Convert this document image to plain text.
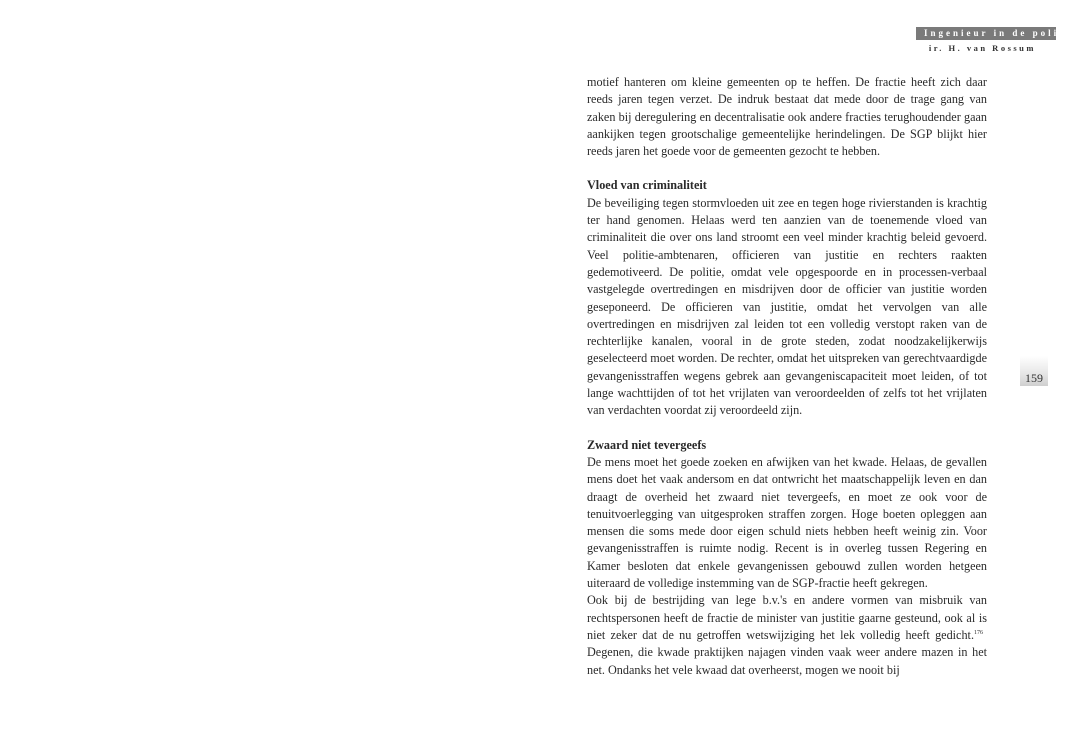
Ingenieur in de politiek
ir. H. van Rossum

motief hanteren om kleine gemeenten op te heffen. De fractie heeft zich daar reeds jaren tegen verzet. De indruk bestaat dat mede door de trage gang van zaken bij deregulering en decentralisatie ook andere fracties terughoudender gaan aankijken tegen grootschalige gemeentelijke herindelingen. De SGP blijkt hier reeds jaren het goede voor de gemeenten gezocht te hebben.

Vloed van criminaliteit

De beveiliging tegen stormvloeden uit zee en tegen hoge rivierstanden is krachtig ter hand genomen. Helaas werd ten aanzien van de toenemende vloed van criminaliteit die over ons land stroomt een veel minder krachtig beleid gevoerd. Veel politie-ambtenaren, officieren van justitie en rechters raakten gedemotiveerd. De politie, omdat vele opgespoorde en in processen-verbaal vastgelegde overtredingen en misdrijven door de officier van justitie worden geseponeerd. De officieren van justitie, omdat het vervolgen van alle overtredingen en misdrijven zal leiden tot een volledig verstopt raken van de rechterlijke kanalen, vooral in de grote steden, zodat noodzakelijkerwijs geselecteerd moet worden. De rechter, omdat het uitspreken van gerechtvaardigde gevangenisstraffen wegens gebrek aan gevangeniscapaciteit moet leiden, of tot lange wachttijden of tot het vrijlaten van veroordeelden of zelfs tot het vrijlaten van verdachten voordat zij veroordeeld zijn.

Zwaard niet tevergeefs

De mens moet het goede zoeken en afwijken van het kwade. Helaas, de gevallen mens doet het vaak andersom en dat ontwricht het maatschappelijk leven en dan draagt de overheid het zwaard niet tevergeefs, en moet ze ook voor de tenuitvoerlegging van uitgesproken straffen zorgen. Hoge boeten opleggen aan mensen die soms mede door eigen schuld niets hebben heeft weinig zin. Voor gevangenisstraffen is ruimte nodig. Recent is in overleg tussen Regering en Kamer besloten dat enkele gevangenissen gebouwd zullen worden hetgeen uiteraard de volledige instemming van de SGP-fractie heeft gekregen.

Ook bij de bestrijding van lege b.v.'s en andere vormen van misbruik van rechtspersonen heeft de fractie de minister van justitie gaarne gesteund, ook al is niet zeker dat de nu getroffen wetswijziging het lek volledig heeft gedicht.$^{176}$ Degenen, die kwade praktijken najagen vinden vaak weer andere mazen in het net. Ondanks het vele kwaad dat overheerst, mogen we nooit bij

159
